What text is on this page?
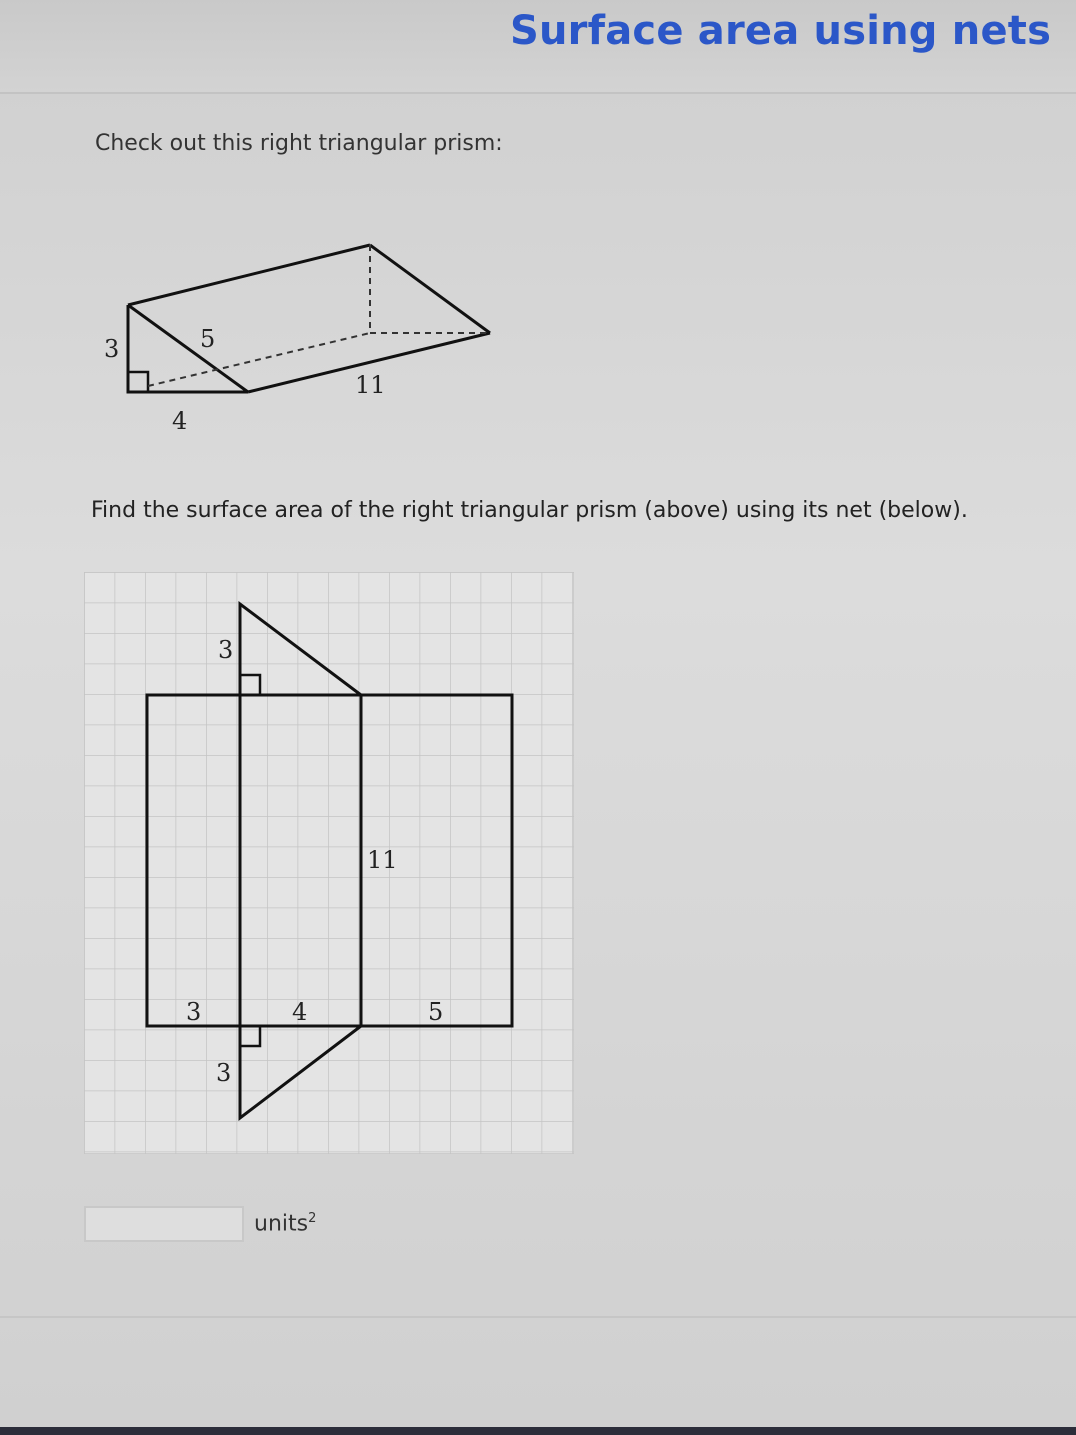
Surface area using nets
Check out this right triangular prism:
3	5
4
11
Find the surface area of the right triangular prism (above) using its net (below).
3
11
3	4	5
3
units$^2$
